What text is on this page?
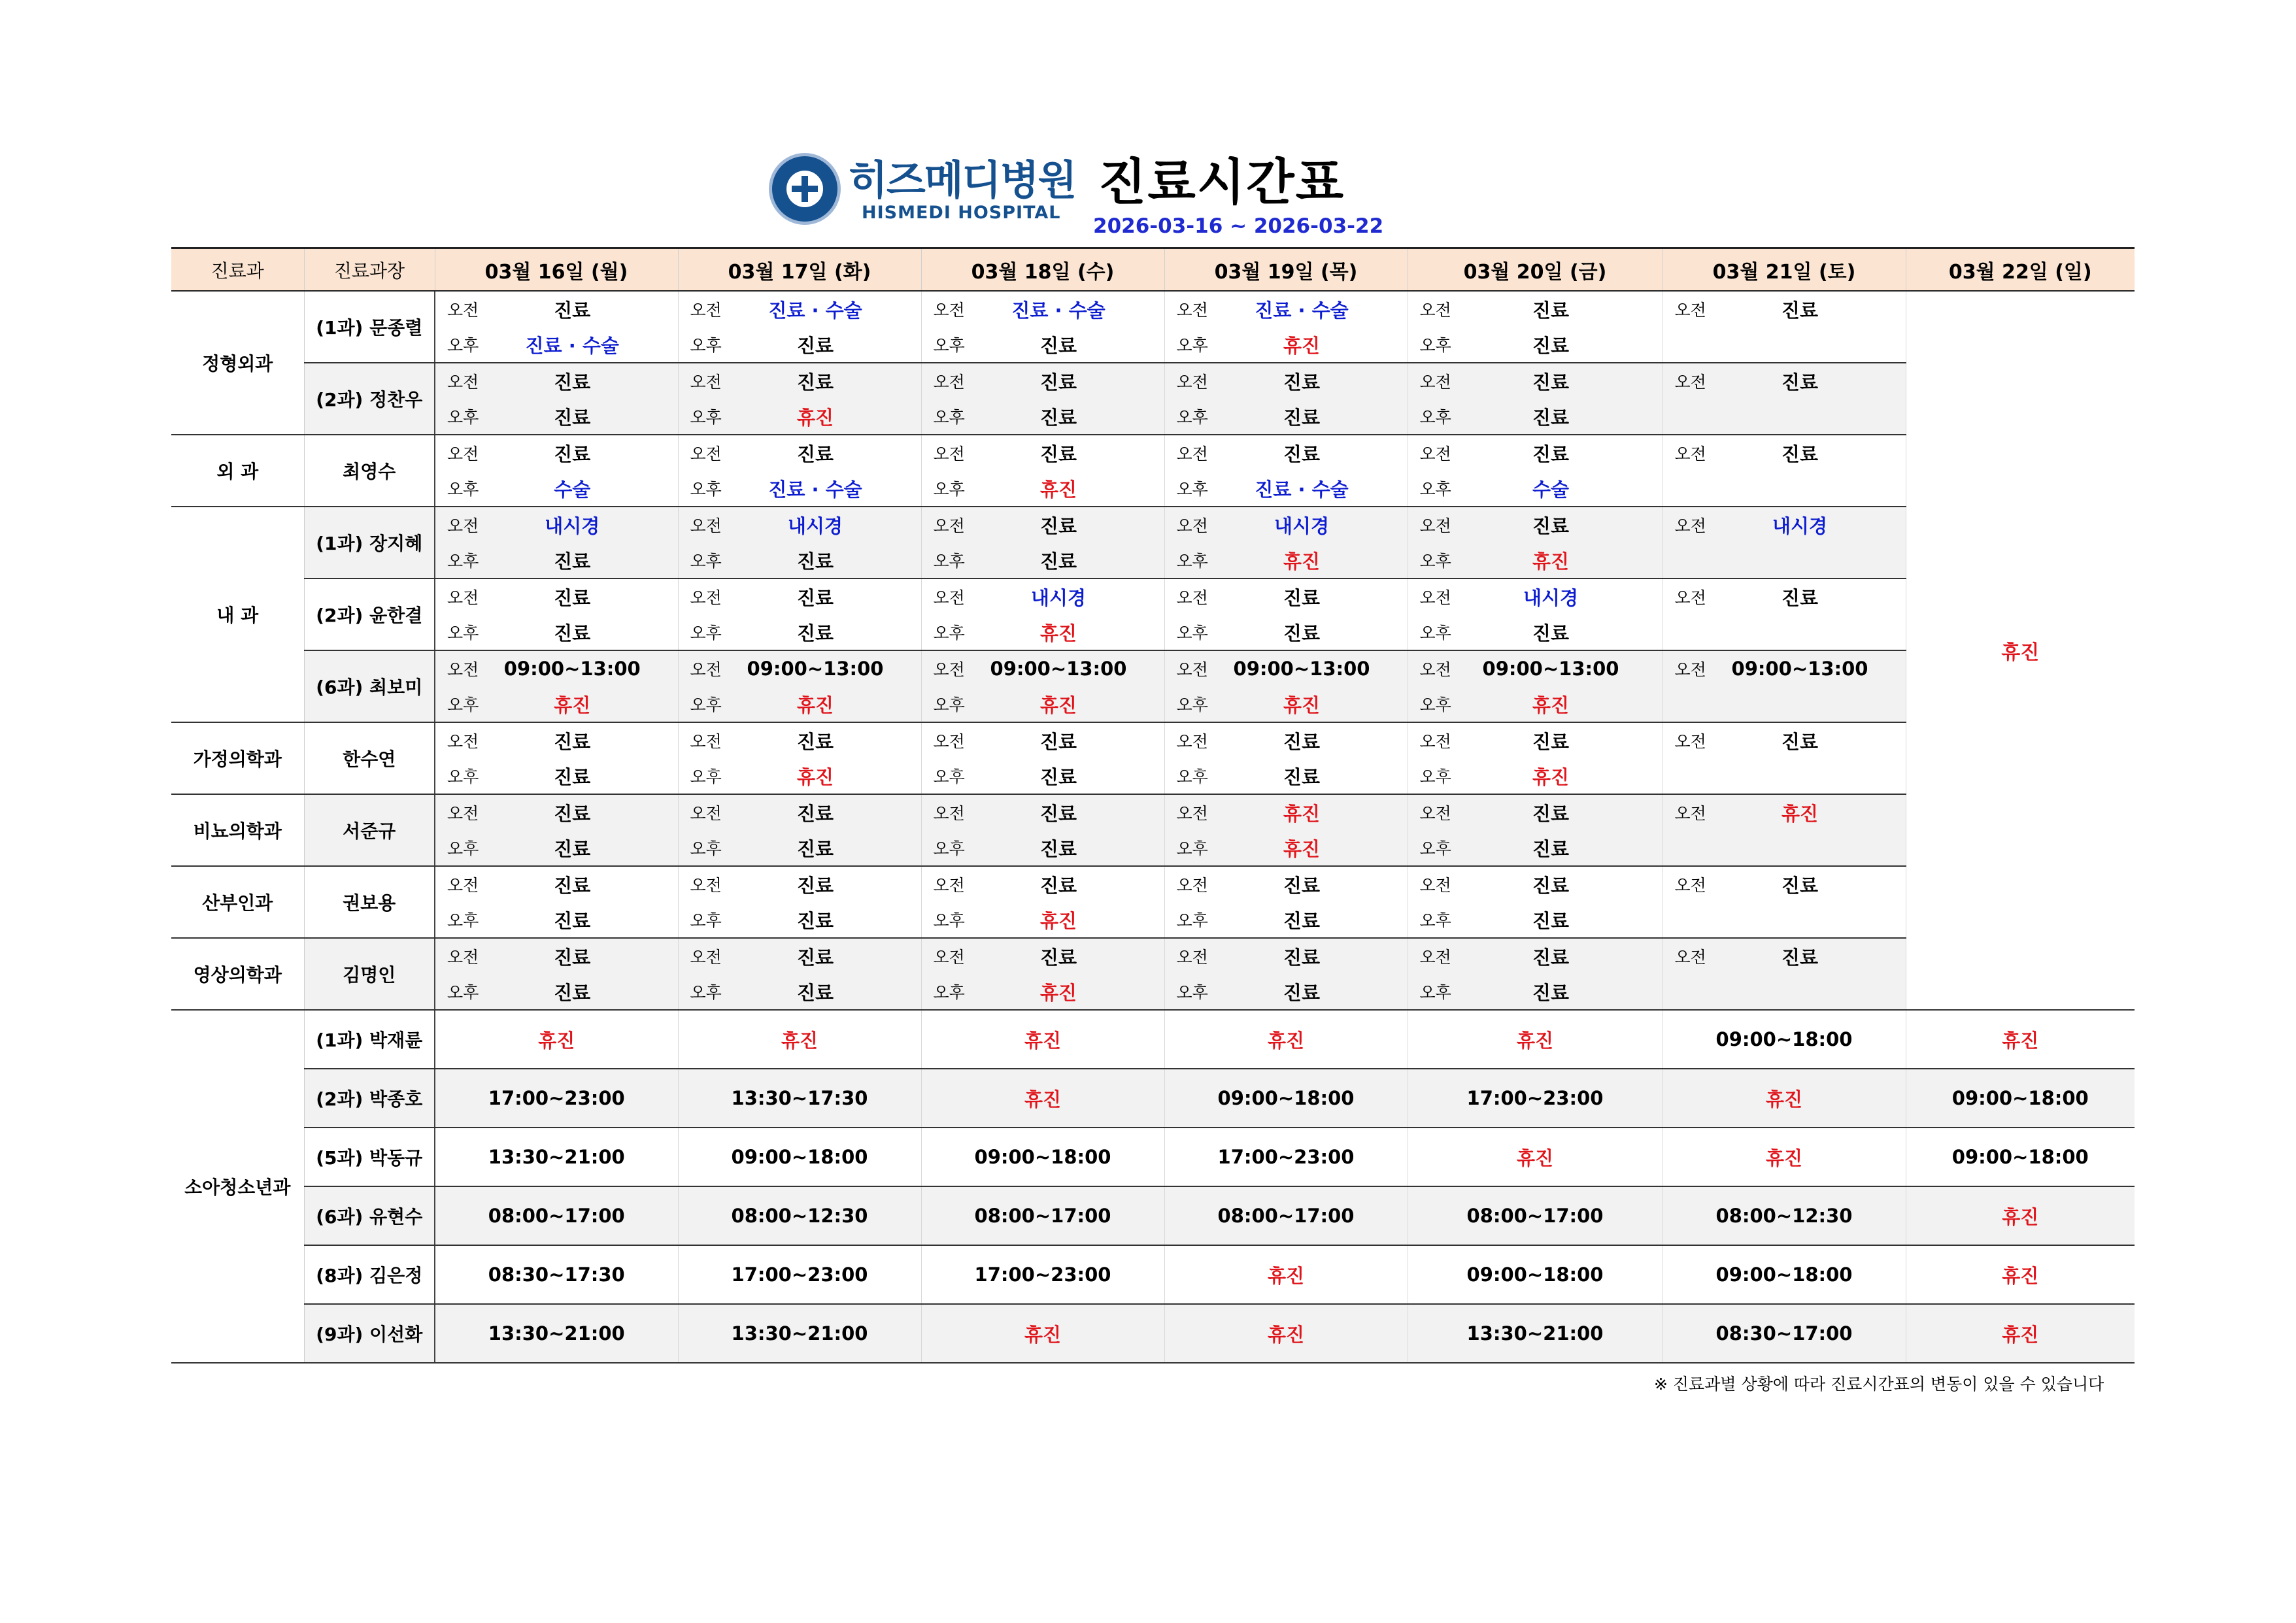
히즈메디병원
HISMEDI HOSPITAL
진료시간표
2026-03-16 ~ 2026-03-22
진료과	진료과장	03월 16일 (월)	03월 17일 (화)	03월 18일 (수)	03월 19일 (목)	03월 20일 (금)	03월 21일 (토)	03월 22일 (일)
정형외과	(1과) 문종렬	오전 진료	오전 진료 · 수술	오전 진료 · 수술	오전 진료 · 수술	오전 진료	오전 진료	휴진

		오후 진료 · 수술	오후 진료	오후 진료	오후 휴진	오후 진료		

	(2과) 정찬우	오전 진료	오전 진료	오전 진료	오전 진료	오전 진료	오전 진료	

		오후 진료	오후 휴진	오후 진료	오후 진료	오후 진료		

외 과	최영수	오전 진료	오전 진료	오전 진료	오전 진료	오전 진료	오전 진료	

		오후 수술	오후 진료 · 수술	오후 휴진	오후 진료 · 수술	오후 수술		

내 과	(1과) 장지혜	오전 내시경	오전 내시경	오전 진료	오전 내시경	오전 진료	오전 내시경	

		오후 진료	오후 진료	오후 진료	오후 휴진	오후 휴진		

	(2과) 윤한결	오전 진료	오전 진료	오전 내시경	오전 진료	오전 내시경	오전 진료	

		오후 진료	오후 진료	오후 휴진	오후 진료	오후 진료		

	(6과) 최보미	오전 09:00~13:00	오전 09:00~13:00	오전 09:00~13:00	오전 09:00~13:00	오전 09:00~13:00	오전 09:00~13:00	

		오후 휴진	오후 휴진	오후 휴진	오후 휴진	오후 휴진		

가정의학과	한수연	오전 진료	오전 진료	오전 진료	오전 진료	오전 진료	오전 진료	

		오후 진료	오후 휴진	오후 진료	오후 진료	오후 휴진		

비뇨의학과	서준규	오전 진료	오전 진료	오전 진료	오전 휴진	오전 진료	오전 휴진	

		오후 진료	오후 진료	오후 진료	오후 휴진	오후 진료		

산부인과	권보용	오전 진료	오전 진료	오전 진료	오전 진료	오전 진료	오전 진료	

		오후 진료	오후 진료	오후 휴진	오후 진료	오후 진료		

영상의학과	김명인	오전 진료	오전 진료	오전 진료	오전 진료	오전 진료	오전 진료	

		오후 진료	오후 진료	오후 휴진	오후 진료	오후 진료		

소아청소년과	(1과) 박재륜	휴진	휴진	휴진	휴진	휴진	09:00~18:00	휴진
	(2과) 박종호	17:00~23:00	13:30~17:30	휴진	09:00~18:00	17:00~23:00	휴진	09:00~18:00
	(5과) 박동규	13:30~21:00	09:00~18:00	09:00~18:00	17:00~23:00	휴진	휴진	09:00~18:00
	(6과) 유현수	08:00~17:00	08:00~12:30	08:00~17:00	08:00~17:00	08:00~17:00	08:00~12:30	휴진
	(8과) 김은정	08:30~17:30	17:00~23:00	17:00~23:00	휴진	09:00~18:00	09:00~18:00	휴진
	(9과) 이선화	13:30~21:00	13:30~21:00	휴진	휴진	13:30~21:00	08:30~17:00	휴진
※ 진료과별 상황에 따라 진료시간표의 변동이 있을 수 있습니다
